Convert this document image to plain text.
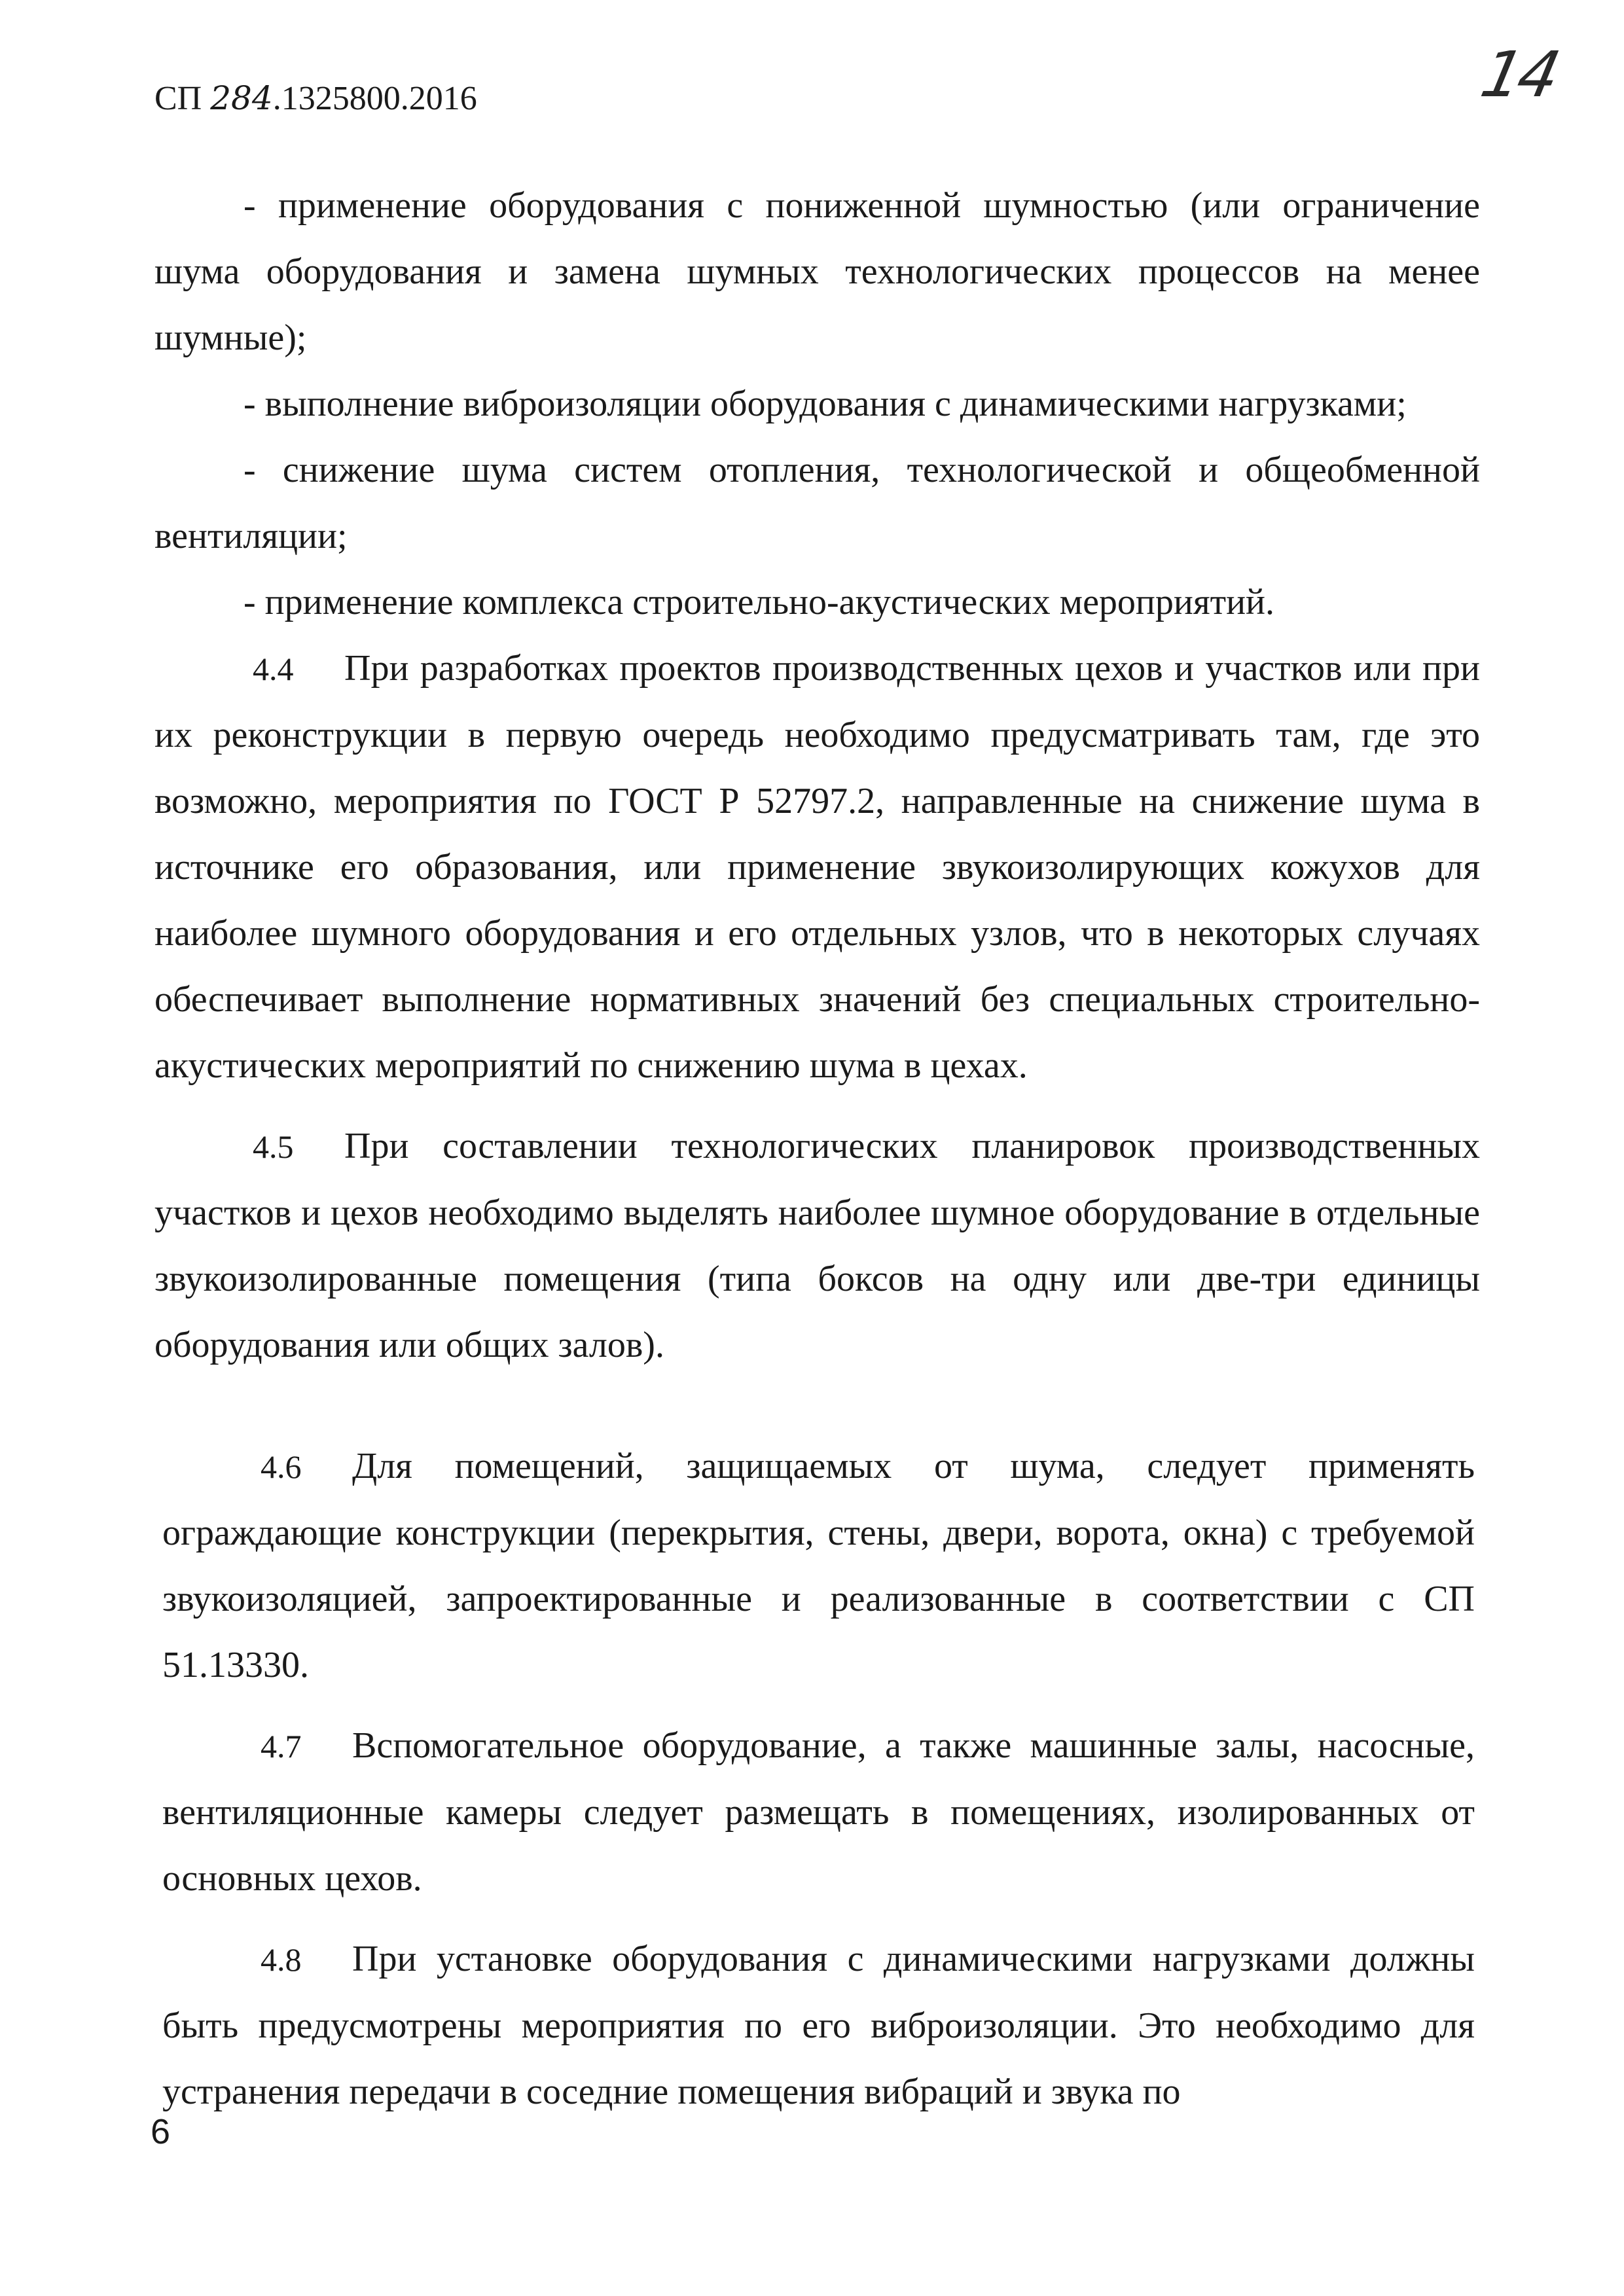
СП 284.1325800.2016	14

- применение оборудования с пониженной шумностью (или ограничение шума оборудования и замена шумных технологических процессов на менее шумные);

- выполнение виброизоляции оборудования с динамическими нагрузками;

- снижение шума систем отопления, технологической и общеобменной вентиляции;

- применение комплекса строительно-акустических мероприятий.

4.4 При разработках проектов производственных цехов и участков или при их реконструкции в первую очередь необходимо предусматривать там, где это возможно, мероприятия по ГОСТ Р 52797.2, направленные на снижение шума в источнике его образования, или применение звукоизолирующих кожухов для наиболее шумного оборудования и его отдельных узлов, что в некоторых случаях обеспечивает выполнение нормативных значений без специальных строительно-акустических мероприятий по снижению шума в цехах.

4.5 При составлении технологических планировок производственных участков и цехов необходимо выделять наиболее шумное оборудование в отдельные звукоизолированные помещения (типа боксов на одну или две-три единицы оборудования или общих залов).

4.6 Для помещений, защищаемых от шума, следует применять ограждающие конструкции (перекрытия, стены, двери, ворота, окна) с требуемой звукоизоляцией, запроектированные и реализованные в соответствии с СП 51.13330.

4.7 Вспомогательное оборудование, а также машинные залы, насосные, вентиляционные камеры следует размещать в помещениях, изолированных от основных цехов.

4.8 При установке оборудования с динамическими нагрузками должны быть предусмотрены мероприятия по его виброизоляции. Это необходимо для устранения передачи в соседние помещения вибраций и звука по

6
